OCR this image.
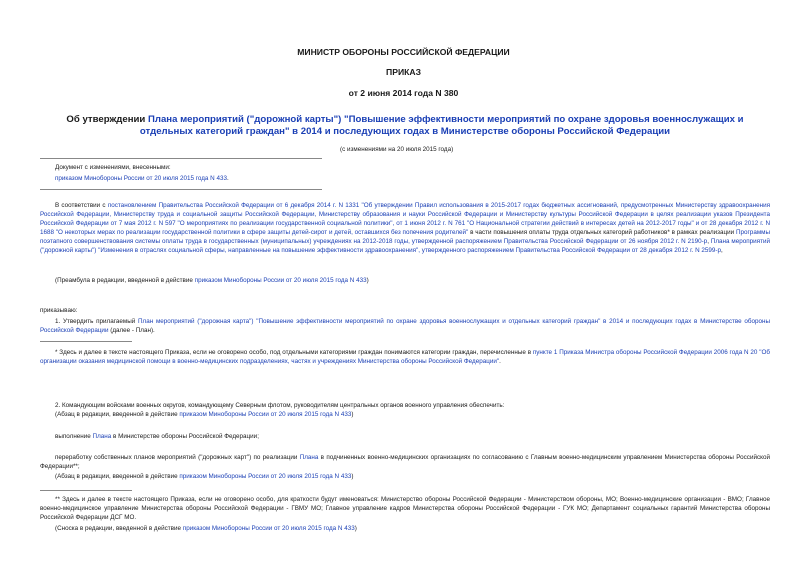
МИНИСТР ОБОРОНЫ РОССИЙСКОЙ ФЕДЕРАЦИИ
ПРИКАЗ
от 2 июня 2014 года N 380
Об утверждении Плана мероприятий ("дорожной карты") "Повышение эффективности мероприятий по охране здоровья военнослужащих и отдельных категорий граждан" в 2014 и последующих годах в Министерстве обороны Российской Федерации
(с изменениями на 20 июля 2015 года)
Документ с изменениями, внесенными:
приказом Минобороны России от 20 июля 2015 года N 433.
В соответствии с постановлением Правительства Российской Федерации от 6 декабря 2014 г. N 1331 "Об утверждении Правил использования в 2015-2017 годах бюджетных ассигнований, предусмотренных Министерству здравоохранения Российской Федерации, Министерству труда и социальной защиты Российской Федерации, Министерству образования и науки Российской Федерации и Министерству культуры Российской Федерации в целях реализации указов Президента Российской Федерации от 7 мая 2012 г. N 597 "О мероприятиях по реализации государственной социальной политики", от 1 июня 2012 г. N 761 "О Национальной стратегии действий в интересах детей на 2012-2017 годы" и от 28 декабря 2012 г. N 1688 "О некоторых мерах по реализации государственной политики в сфере защиты детей-сирот и детей, оставшихся без попечения родителей" в части повышения оплаты труда отдельных категорий работников* в рамках реализации Программы поэтапного совершенствования системы оплаты труда в государственных (муниципальных) учреждениях на 2012-2018 годы, утвержденной распоряжением Правительства Российской Федерации от 26 ноября 2012 г. N 2190-р, Плана мероприятий ("дорожной карты") "Изменения в отраслях социальной сферы, направленные на повышение эффективности здравоохранения", утвержденного распоряжением Правительства Российской Федерации от 28 декабря 2012 г. N 2599-р,
(Преамбула в редакции, введенной в действие приказом Минобороны России от 20 июля 2015 года N 433)
приказываю:
1. Утвердить прилагаемый План мероприятий ("дорожная карта") "Повышение эффективности мероприятий по охране здоровья военнослужащих и отдельных категорий граждан" в 2014 и последующих годах в Министерстве обороны Российской Федерации (далее - План).
* Здесь и далее в тексте настоящего Приказа, если не оговорено особо, под отдельными категориями граждан понимаются категории граждан, перечисленные в пункте 1 Приказа Министра обороны Российской Федерации 2006 года N 20 "Об организации оказания медицинской помощи в военно-медицинских подразделениях, частях и учреждениях Министерства обороны Российской Федерации".
2. Командующим войсками военных округов, командующему Северным флотом, руководителям центральных органов военного управления обеспечить:
(Абзац в редакции, введенной в действие приказом Минобороны России от 20 июля 2015 года N 433)
выполнение Плана в Министерстве обороны Российской Федерации;
переработку собственных планов мероприятий ("дорожных карт") по реализации Плана в подчиненных военно-медицинских организациях по согласованию с Главным военно-медицинским управлением Министерства обороны Российской Федерации**;
(Абзац в редакции, введенной в действие приказом Минобороны России от 20 июля 2015 года N 433)
** Здесь и далее в тексте настоящего Приказа, если не оговорено особо, для краткости будут именоваться: Министерство обороны Российской Федерации - Министерством обороны, МО; Военно-медицинские организации - ВМО; Главное военно-медицинское управление Министерства обороны Российской Федерации - ГВМУ МО; Главное управление кадров Министерства обороны Российской Федерации - ГУК МО; Департамент социальных гарантий Министерства обороны Российской Федерации ДСГ МО.
(Сноска в редакции, введенной в действие приказом Минобороны России от 20 июля 2015 года N 433)
